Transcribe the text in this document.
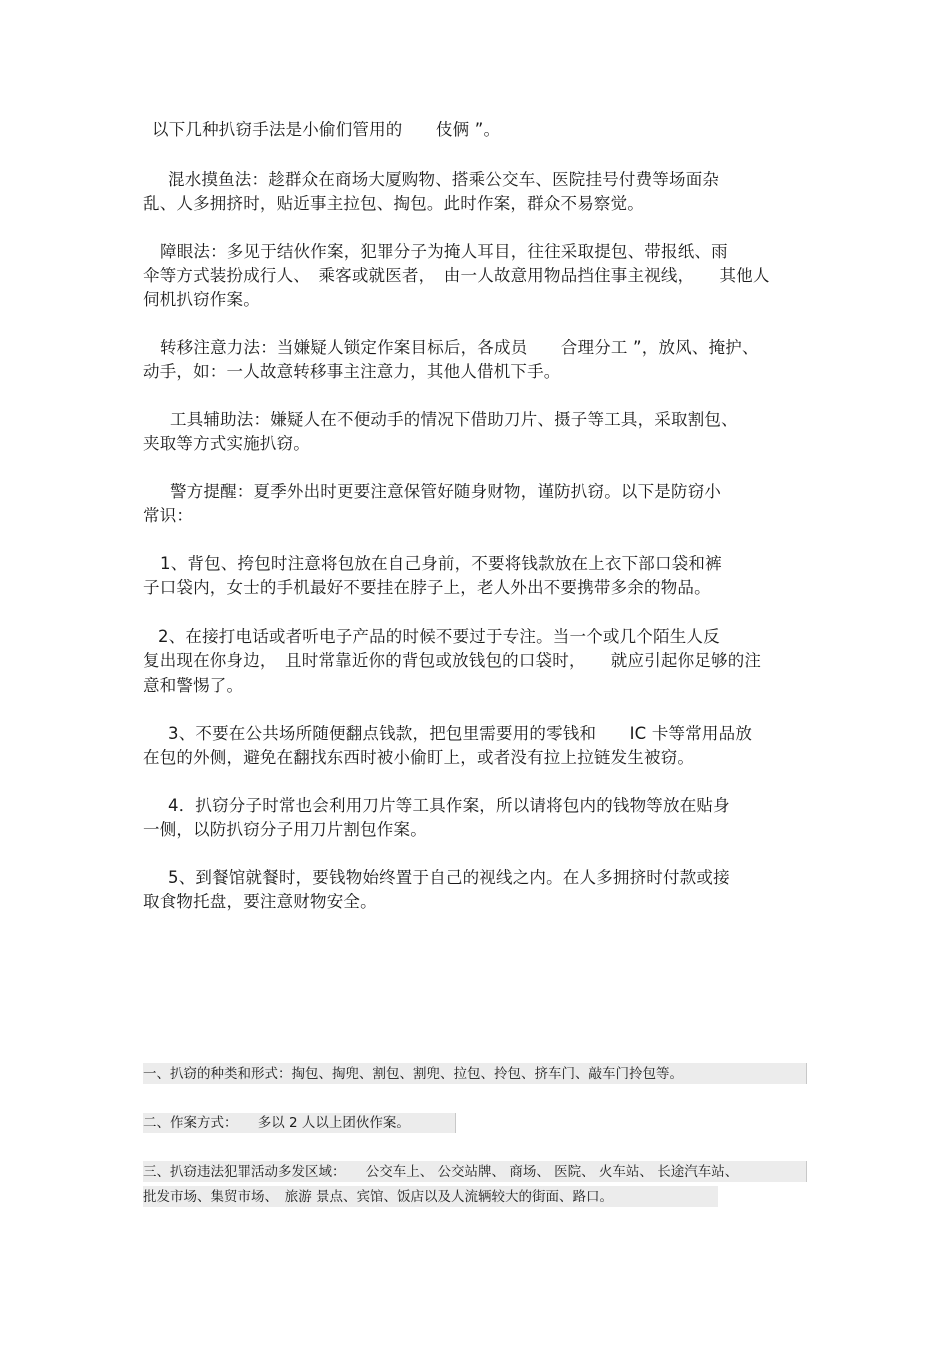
以下几种扒窃手法是小偷们管用的　　伎俩 ”。
混水摸鱼法：趁群众在商场大厦购物、搭乘公交车、医院挂号付费等场面杂
乱、人多拥挤时，贴近事主拉包、掏包。此时作案，群众不易察觉。
障眼法：多见于结伙作案，犯罪分子为掩人耳目，往往采取提包、带报纸、雨
伞等方式装扮成行人、　乘客或就医者，　由一人故意用物品挡住事主视线，　　其他人
伺机扒窃作案。
转移注意力法：当嫌疑人锁定作案目标后，各成员　　合理分工 ”，放风、掩护、
动手，如：一人故意转移事主注意力，其他人借机下手。
工具辅助法：嫌疑人在不便动手的情况下借助刀片、摄子等工具，采取割包、
夹取等方式实施扒窃。
警方提醒：夏季外出时更要注意保管好随身财物，谨防扒窃。以下是防窃小
常识：
1、背包、挎包时注意将包放在自己身前，不要将钱款放在上衣下部口袋和裤
子口袋内，女士的手机最好不要挂在脖子上，老人外出不要携带多余的物品。
2、在接打电话或者听电子产品的时候不要过于专注。当一个或几个陌生人反
复出现在你身边，　且时常靠近你的背包或放钱包的口袋时，　　就应引起你足够的注
意和警惕了。
3、不要在公共场所随便翻点钱款，把包里需要用的零钱和　　IC 卡等常用品放
在包的外侧，避免在翻找东西时被小偷盯上，或者没有拉上拉链发生被窃。
4．扒窃分子时常也会利用刀片等工具作案，所以请将包内的钱物等放在贴身
一侧，以防扒窃分子用刀片割包作案。
5、到餐馆就餐时，要钱物始终置于自己的视线之内。在人多拥挤时付款或接
取食物托盘，要注意财物安全。
一、扒窃的种类和形式：掏包、掏兜、割包、割兜、拉包、拎包、挤车门、敲车门拎包等。
二、作案方式：　　多以 2 人以上团伙作案。
三、扒窃违法犯罪活动多发区域：　　公交车上、 公交站牌、 商场、 医院、 火车站、 长途汽车站、
批发市场、集贸市场、　旅游 景点、宾馆、饭店以及人流辆较大的街面、路口。
